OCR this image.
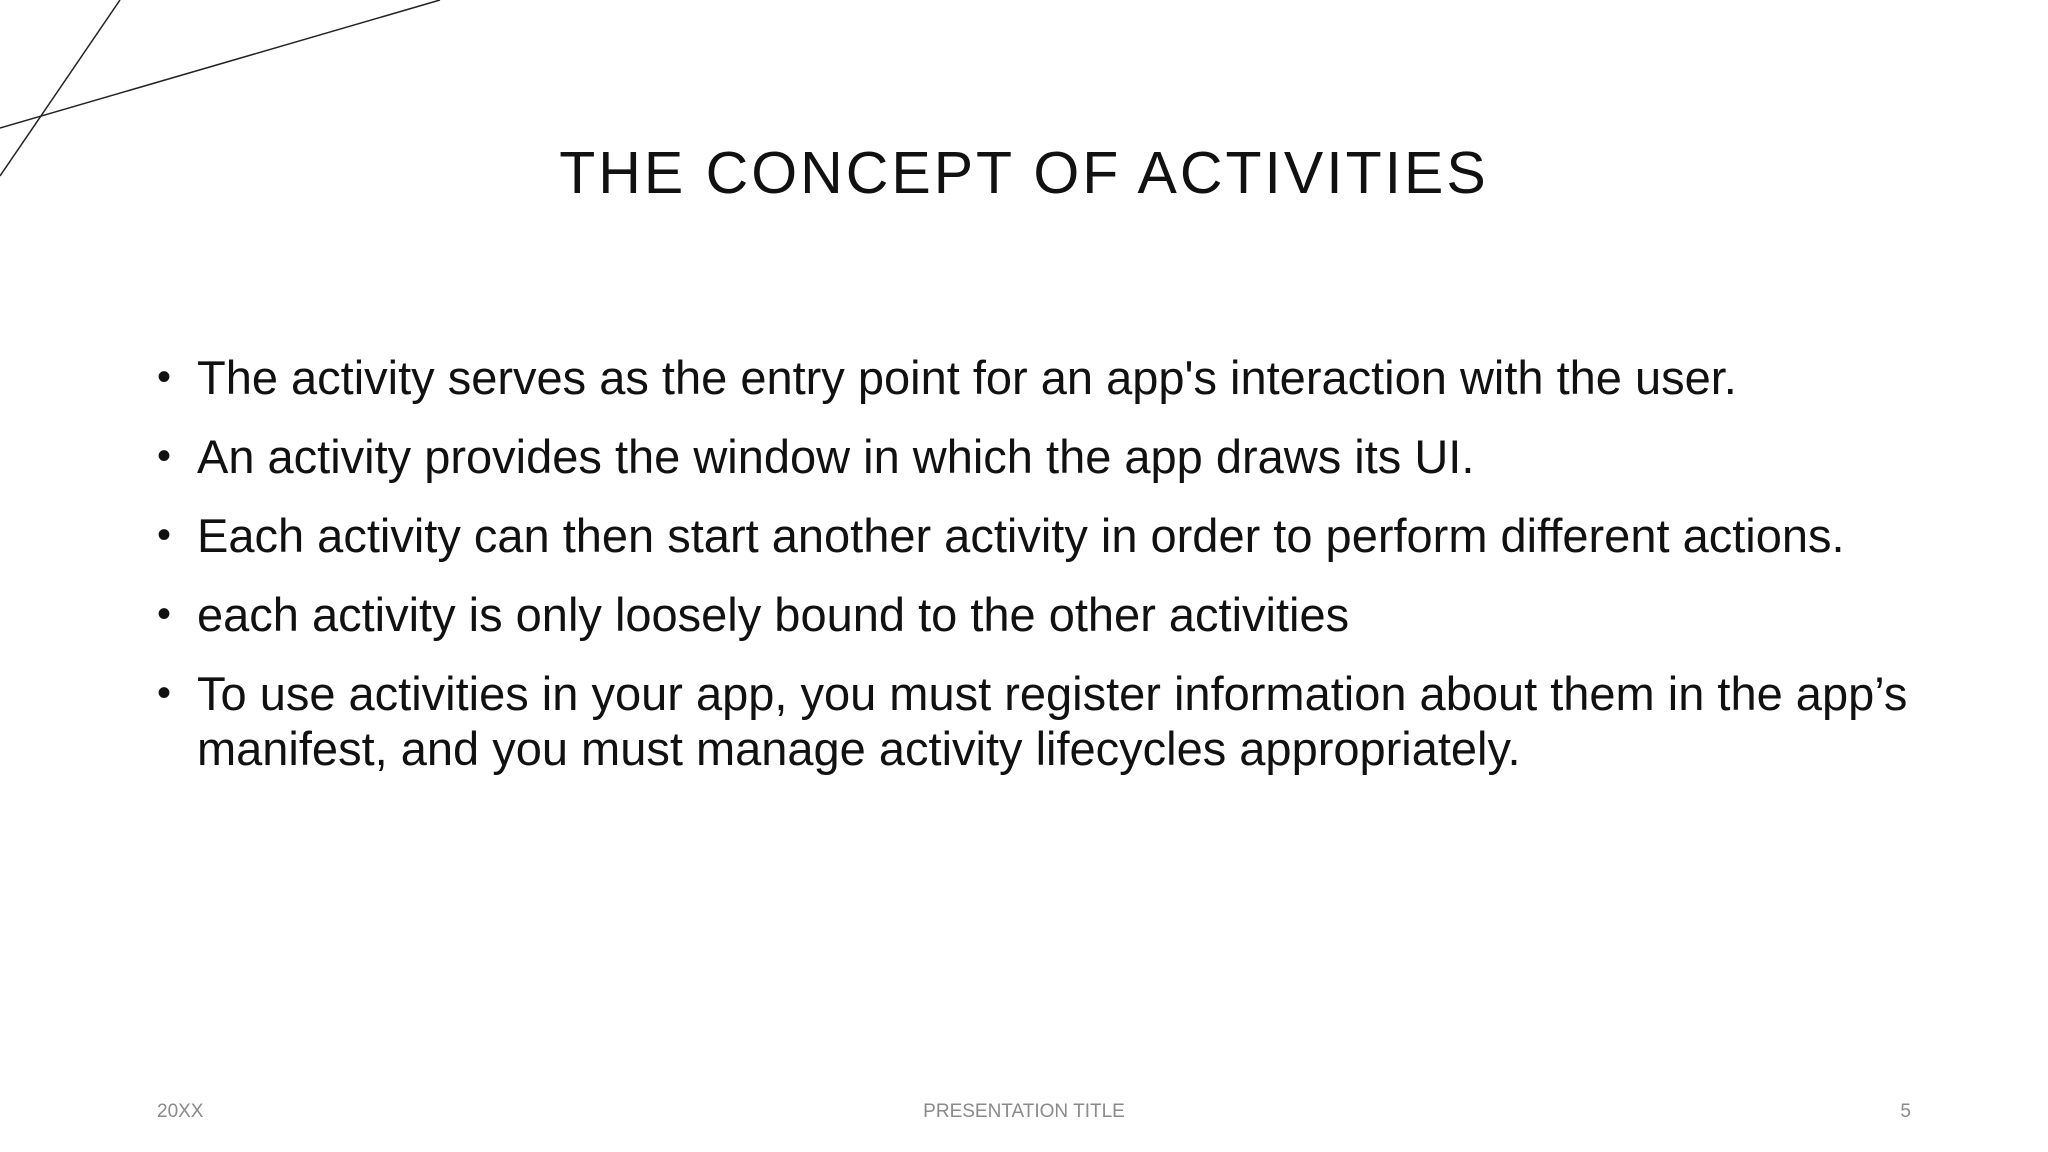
THE CONCEPT OF ACTIVITIES
• The activity serves as the entry point for an app's interaction with the user.
• An activity provides the window in which the app draws its UI.
• Each activity can then start another activity in order to perform different actions.
• each activity is only loosely bound to the other activities
• To use activities in your app, you must register information about them in the app’s manifest, and you must manage activity lifecycles appropriately.
20XX	PRESENTATION TITLE	5
